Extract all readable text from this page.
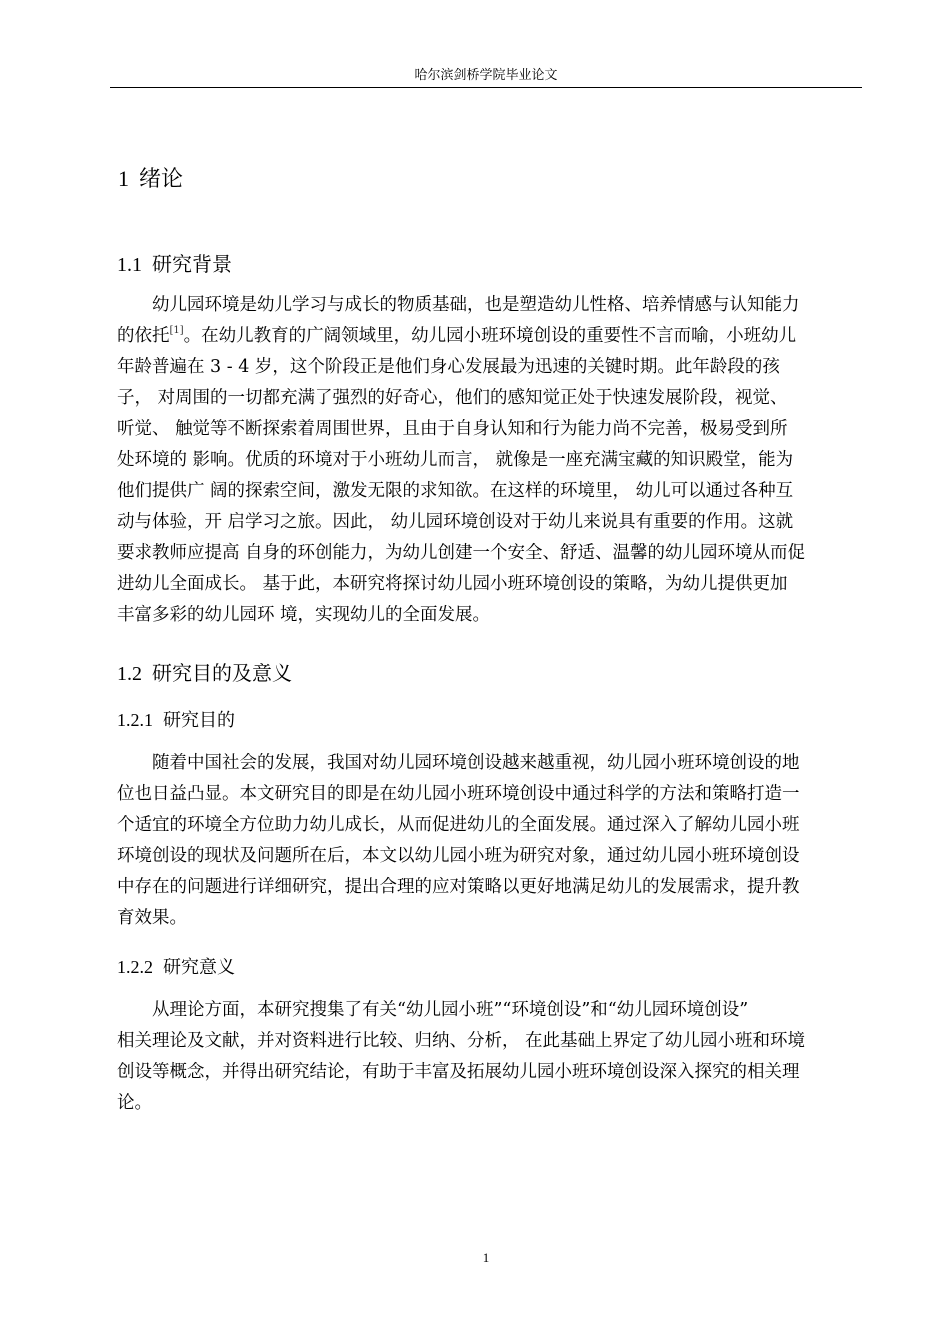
哈尔滨剑桥学院毕业论文
1 绪论
1.1 研究背景

幼儿园环境是幼儿学习与成长的物质基础，也是塑造幼儿性格、培养情感与认知能力
的依托[1]。在幼儿教育的广阔领域里，幼儿园小班环境创设的重要性不言而喻，小班幼儿
年龄普遍在 3 - 4 岁，这个阶段正是他们身心发展最为迅速的关键时期。此年龄段的孩
子， 对周围的一切都充满了强烈的好奇心，他们的感知觉正处于快速发展阶段，视觉、
听觉、 触觉等不断探索着周围世界，且由于自身认知和行为能力尚不完善，极易受到所
处环境的 影响。优质的环境对于小班幼儿而言， 就像是一座充满宝藏的知识殿堂，能为
他们提供广 阔的探索空间，激发无限的求知欲。在这样的环境里， 幼儿可以通过各种互
动与体验，开 启学习之旅。因此， 幼儿园环境创设对于幼儿来说具有重要的作用。这就
要求教师应提高 自身的环创能力，为幼儿创建一个安全、舒适、温馨的幼儿园环境从而促
进幼儿全面成长。 基于此，本研究将探讨幼儿园小班环境创设的策略，为幼儿提供更加
丰富多彩的幼儿园环 境，实现幼儿的全面发展。

1.2 研究目的及意义
1.2.1 研究目的

随着中国社会的发展，我国对幼儿园环境创设越来越重视，幼儿园小班环境创设的地
位也日益凸显。本文研究目的即是在幼儿园小班环境创设中通过科学的方法和策略打造一
个适宜的环境全方位助力幼儿成长，从而促进幼儿的全面发展。通过深入了解幼儿园小班
环境创设的现状及问题所在后，本文以幼儿园小班为研究对象，通过幼儿园小班环境创设
中存在的问题进行详细研究，提出合理的应对策略以更好地满足幼儿的发展需求，提升教
育效果。

1.2.2 研究意义

从理论方面，本研究搜集了有关“幼儿园小班”“环境创设”和“幼儿园环境创设”
相关理论及文献，并对资料进行比较、归纳、分析， 在此基础上界定了幼儿园小班和环境
创设等概念，并得出研究结论，有助于丰富及拓展幼儿园小班环境创设深入探究的相关理
论。

1
